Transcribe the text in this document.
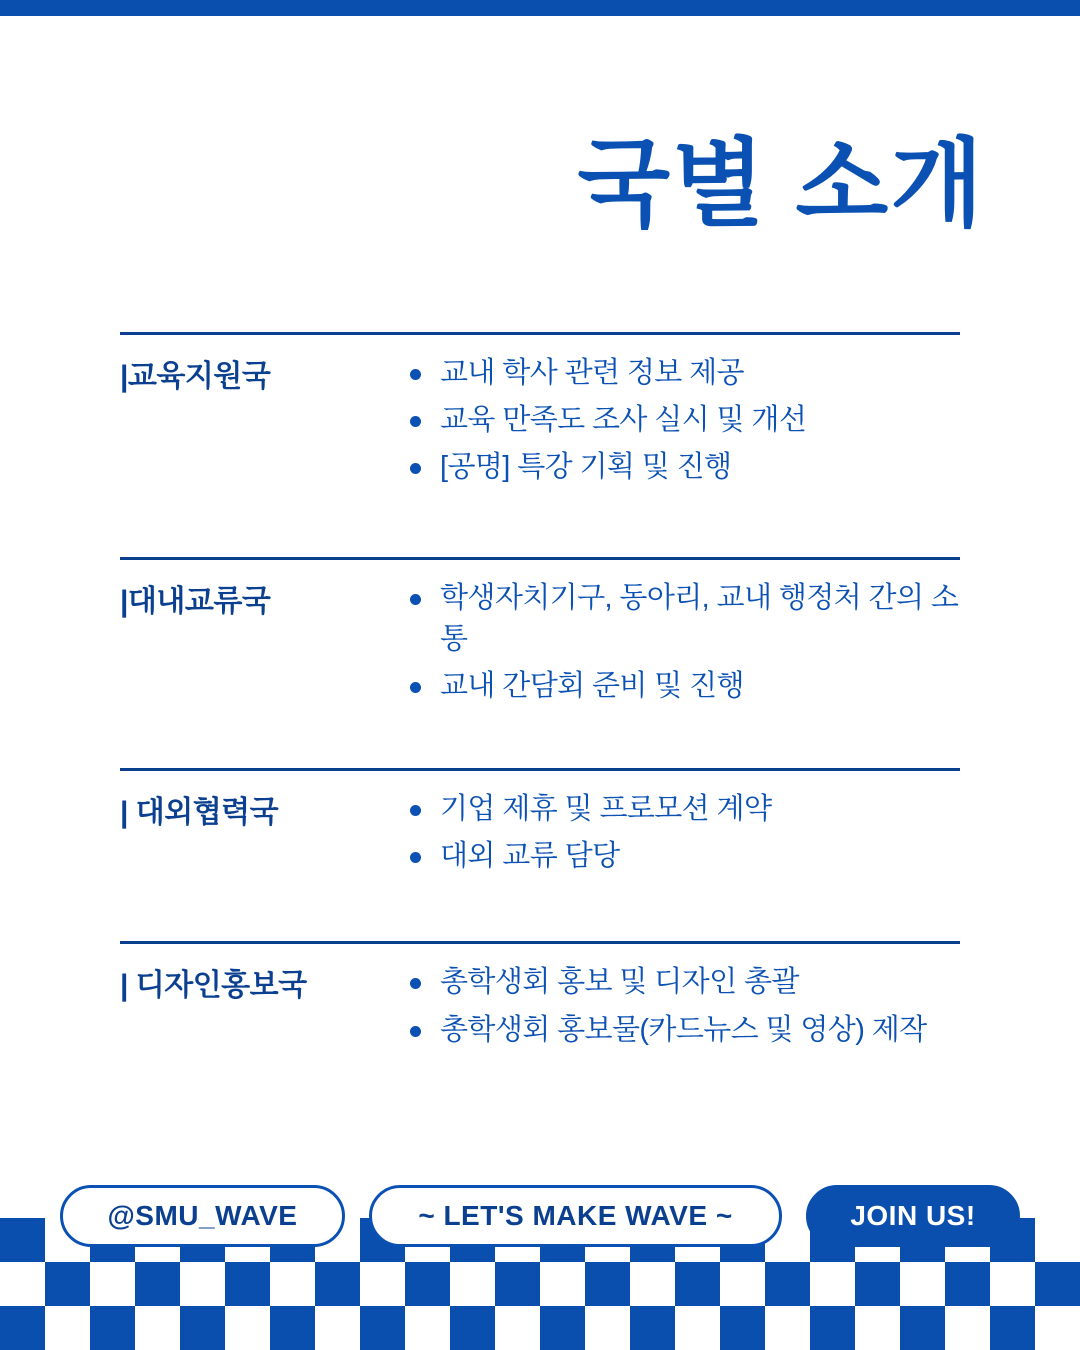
국별 소개
|교육지원국	교내 학사 관련 정보 제공
교육 만족도 조사 실시 및 개선
[공명] 특강 기획 및 진행
|대내교류국	학생자치기구, 동아리, 교내 행정처 간의 소통
교내 간담회 준비 및 진행
| 대외협력국	기업 제휴 및 프로모션 계약
대외 교류 담당
| 디자인홍보국	총학생회 홍보 및 디자인 총괄
총학생회 홍보물(카드뉴스 및 영상) 제작
@SMU_WAVE	~ LET'S MAKE WAVE ~	JOIN US!
